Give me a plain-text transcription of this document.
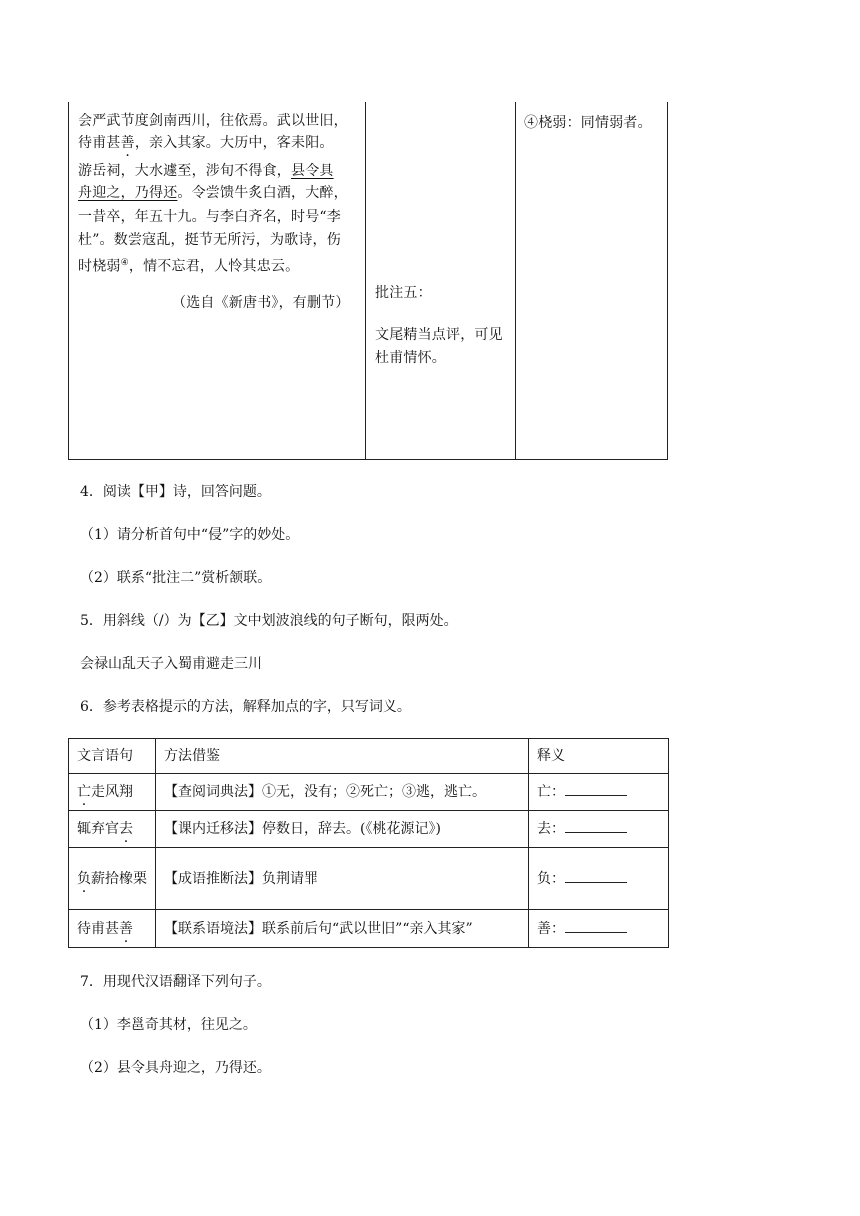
会严武节度剑南西川，往依焉。武以世旧，
待甫甚善，亲入其家。大历中，客耒阳。
游岳祠，大水遽至，涉旬不得食，县令具
舟迎之，乃得还。令尝馈牛炙白酒，大醉，
一昔卒，年五十九。与李白齐名，时号“李
杜”。数尝寇乱，挺节无所污，为歌诗，伤
时桡弱④，情不忘君，人怜其忠云。
（选自《新唐书》，有删节）
批注五：
文尾精当点评，可见
杜甫情怀。
④桡弱：同情弱者。
4．阅读【甲】诗，回答问题。
（1）请分析首句中“侵”字的妙处。
（2）联系“批注二”赏析颔联。
5．用斜线（/）为【乙】文中划波浪线的句子断句，限两处。
会禄山乱天子入蜀甫避走三川
6．参考表格提示的方法，解释加点的字，只写词义。
文言语句	方法借鉴	释义
亡走风翔	【查阅词典法】①无，没有；②死亡；③逃，逃亡。	亡：
辄弃官去	【课内迁移法】停数日，辞去。(《桃花源记》)	去：
负薪拾橡栗	【成语推断法】负荆请罪	负：
待甫甚善	【联系语境法】联系前后句“武以世旧”“亲入其家”	善：
7．用现代汉语翻译下列句子。
（1）李邕奇其材，往见之。
（2）县令具舟迎之，乃得还。
